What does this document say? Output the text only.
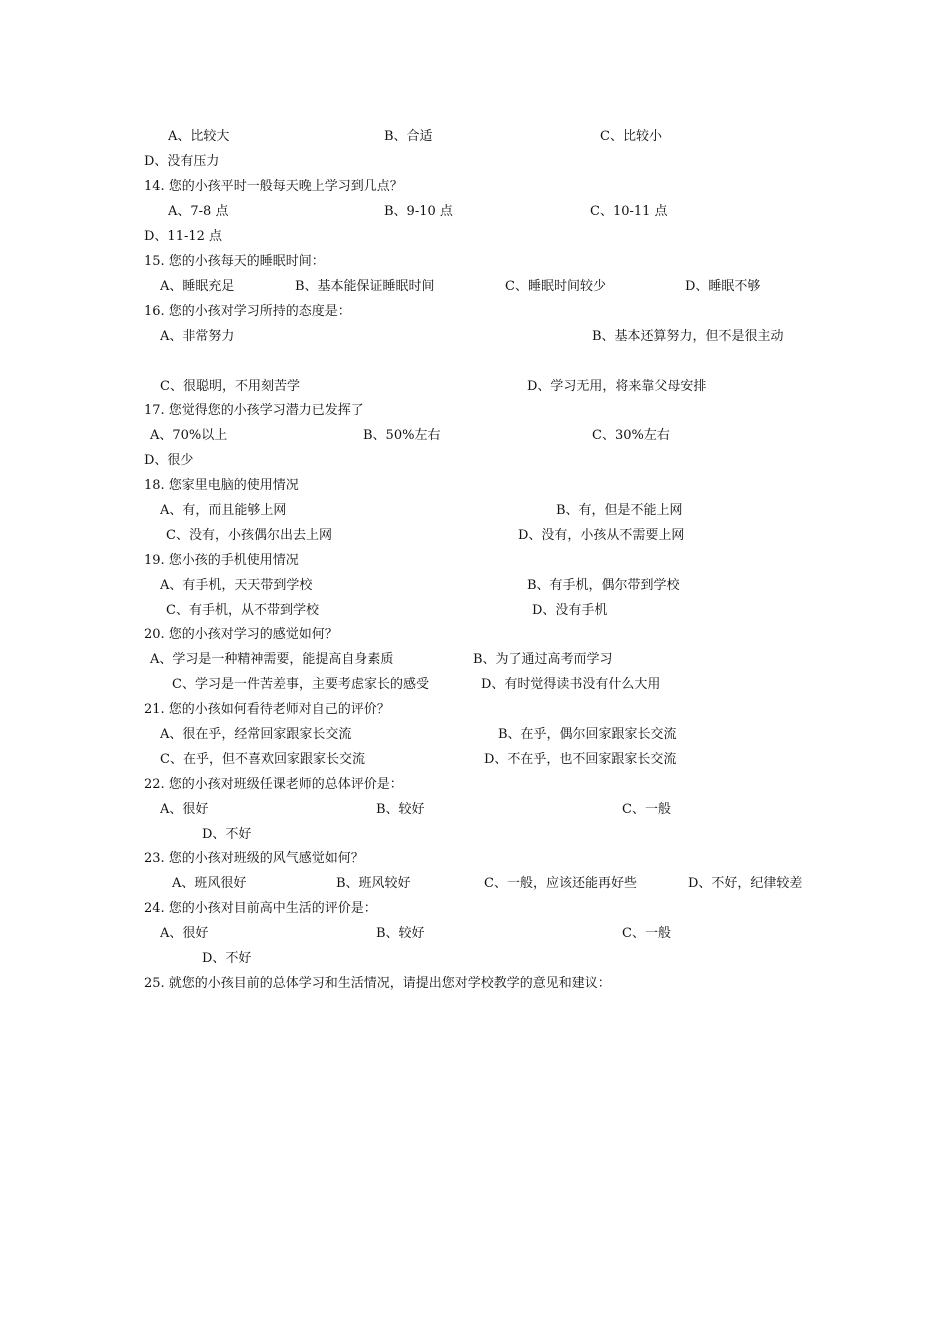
A、比较大	B、合适	C、比较小
D、没有压力
14. 您的小孩平时一般每天晚上学习到几点？
A、7-8 点	B、9-10 点	C、10-11 点
D、11-12 点
15. 您的小孩每天的睡眠时间：
A、睡眠充足	B、基本能保证睡眠时间	C、睡眠时间较少	D、睡眠不够
16. 您的小孩对学习所持的态度是：
A、非常努力	B、基本还算努力，但不是很主动
C、很聪明，不用刻苦学	D、学习无用，将来靠父母安排
17. 您觉得您的小孩学习潜力已发挥了
A、70%以上	B、50%左右	C、30%左右
D、很少
18. 您家里电脑的使用情况
A、有，而且能够上网	B、有，但是不能上网
C、没有，小孩偶尔出去上网	D、没有，小孩从不需要上网
19. 您小孩的手机使用情况
A、有手机，天天带到学校	B、有手机，偶尔带到学校
C、有手机，从不带到学校	D、没有手机
20. 您的小孩对学习的感觉如何？
A、学习是一种精神需要，能提高自身素质	B、为了通过高考而学习
C、学习是一件苦差事，主要考虑家长的感受	D、有时觉得读书没有什么大用
21. 您的小孩如何看待老师对自己的评价？
A、很在乎，经常回家跟家长交流	B、在乎，偶尔回家跟家长交流
C、在乎，但不喜欢回家跟家长交流	D、不在乎，也不回家跟家长交流
22. 您的小孩对班级任课老师的总体评价是：
A、很好	B、较好	C、一般
D、不好
23. 您的小孩对班级的风气感觉如何？
A、班风很好	B、班风较好	C、一般，应该还能再好些	D、不好，纪律较差
24. 您的小孩对目前高中生活的评价是：
A、很好	B、较好	C、一般
D、不好
25. 就您的小孩目前的总体学习和生活情况，请提出您对学校教学的意见和建议：
